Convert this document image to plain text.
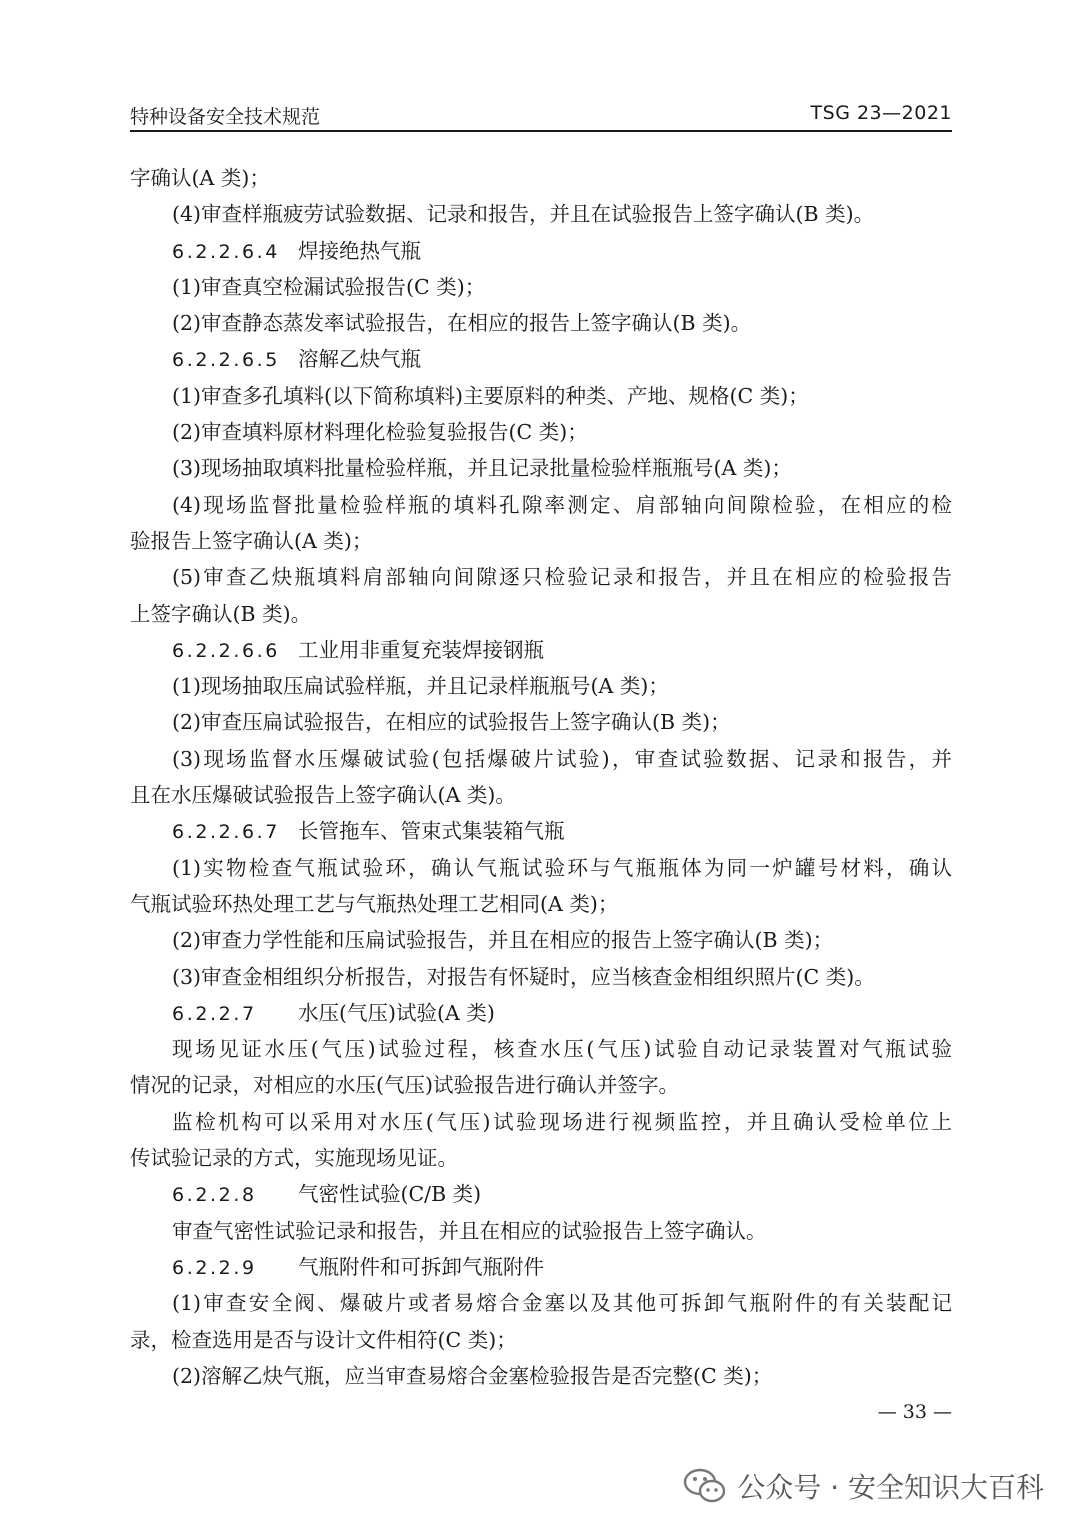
特种设备安全技术规范	TSG 23—2021
字确认(A 类)；
(4)审查样瓶疲劳试验数据、记录和报告，并且在试验报告上签字确认(B 类)。
6.2.2.6.4 焊接绝热气瓶
(1)审查真空检漏试验报告(C 类)；
(2)审查静态蒸发率试验报告，在相应的报告上签字确认(B 类)。
6.2.2.6.5 溶解乙炔气瓶
(1)审查多孔填料(以下简称填料)主要原料的种类、产地、规格(C 类)；
(2)审查填料原材料理化检验复验报告(C 类)；
(3)现场抽取填料批量检验样瓶，并且记录批量检验样瓶瓶号(A 类)；
(4)现场监督批量检验样瓶的填料孔隙率测定、肩部轴向间隙检验，在相应的检
验报告上签字确认(A 类)；
(5)审查乙炔瓶填料肩部轴向间隙逐只检验记录和报告，并且在相应的检验报告
上签字确认(B 类)。
6.2.2.6.6 工业用非重复充装焊接钢瓶
(1)现场抽取压扁试验样瓶，并且记录样瓶瓶号(A 类)；
(2)审查压扁试验报告，在相应的试验报告上签字确认(B 类)；
(3)现场监督水压爆破试验(包括爆破片试验)，审查试验数据、记录和报告，并
且在水压爆破试验报告上签字确认(A 类)。
6.2.2.6.7 长管拖车、管束式集装箱气瓶
(1)实物检查气瓶试验环，确认气瓶试验环与气瓶瓶体为同一炉罐号材料，确认
气瓶试验环热处理工艺与气瓶热处理工艺相同(A 类)；
(2)审查力学性能和压扁试验报告，并且在相应的报告上签字确认(B 类)；
(3)审查金相组织分析报告，对报告有怀疑时，应当核查金相组织照片(C 类)。
6.2.2.7 水压(气压)试验(A 类)
现场见证水压(气压)试验过程，核查水压(气压)试验自动记录装置对气瓶试验
情况的记录，对相应的水压(气压)试验报告进行确认并签字。
监检机构可以采用对水压(气压)试验现场进行视频监控，并且确认受检单位上
传试验记录的方式，实施现场见证。
6.2.2.8 气密性试验(C/B 类)
审查气密性试验记录和报告，并且在相应的试验报告上签字确认。
6.2.2.9 气瓶附件和可拆卸气瓶附件
(1)审查安全阀、爆破片或者易熔合金塞以及其他可拆卸气瓶附件的有关装配记
录，检查选用是否与设计文件相符(C 类)；
(2)溶解乙炔气瓶，应当审查易熔合金塞检验报告是否完整(C 类)；
— 33 —
公众号 · 安全知识大百科
